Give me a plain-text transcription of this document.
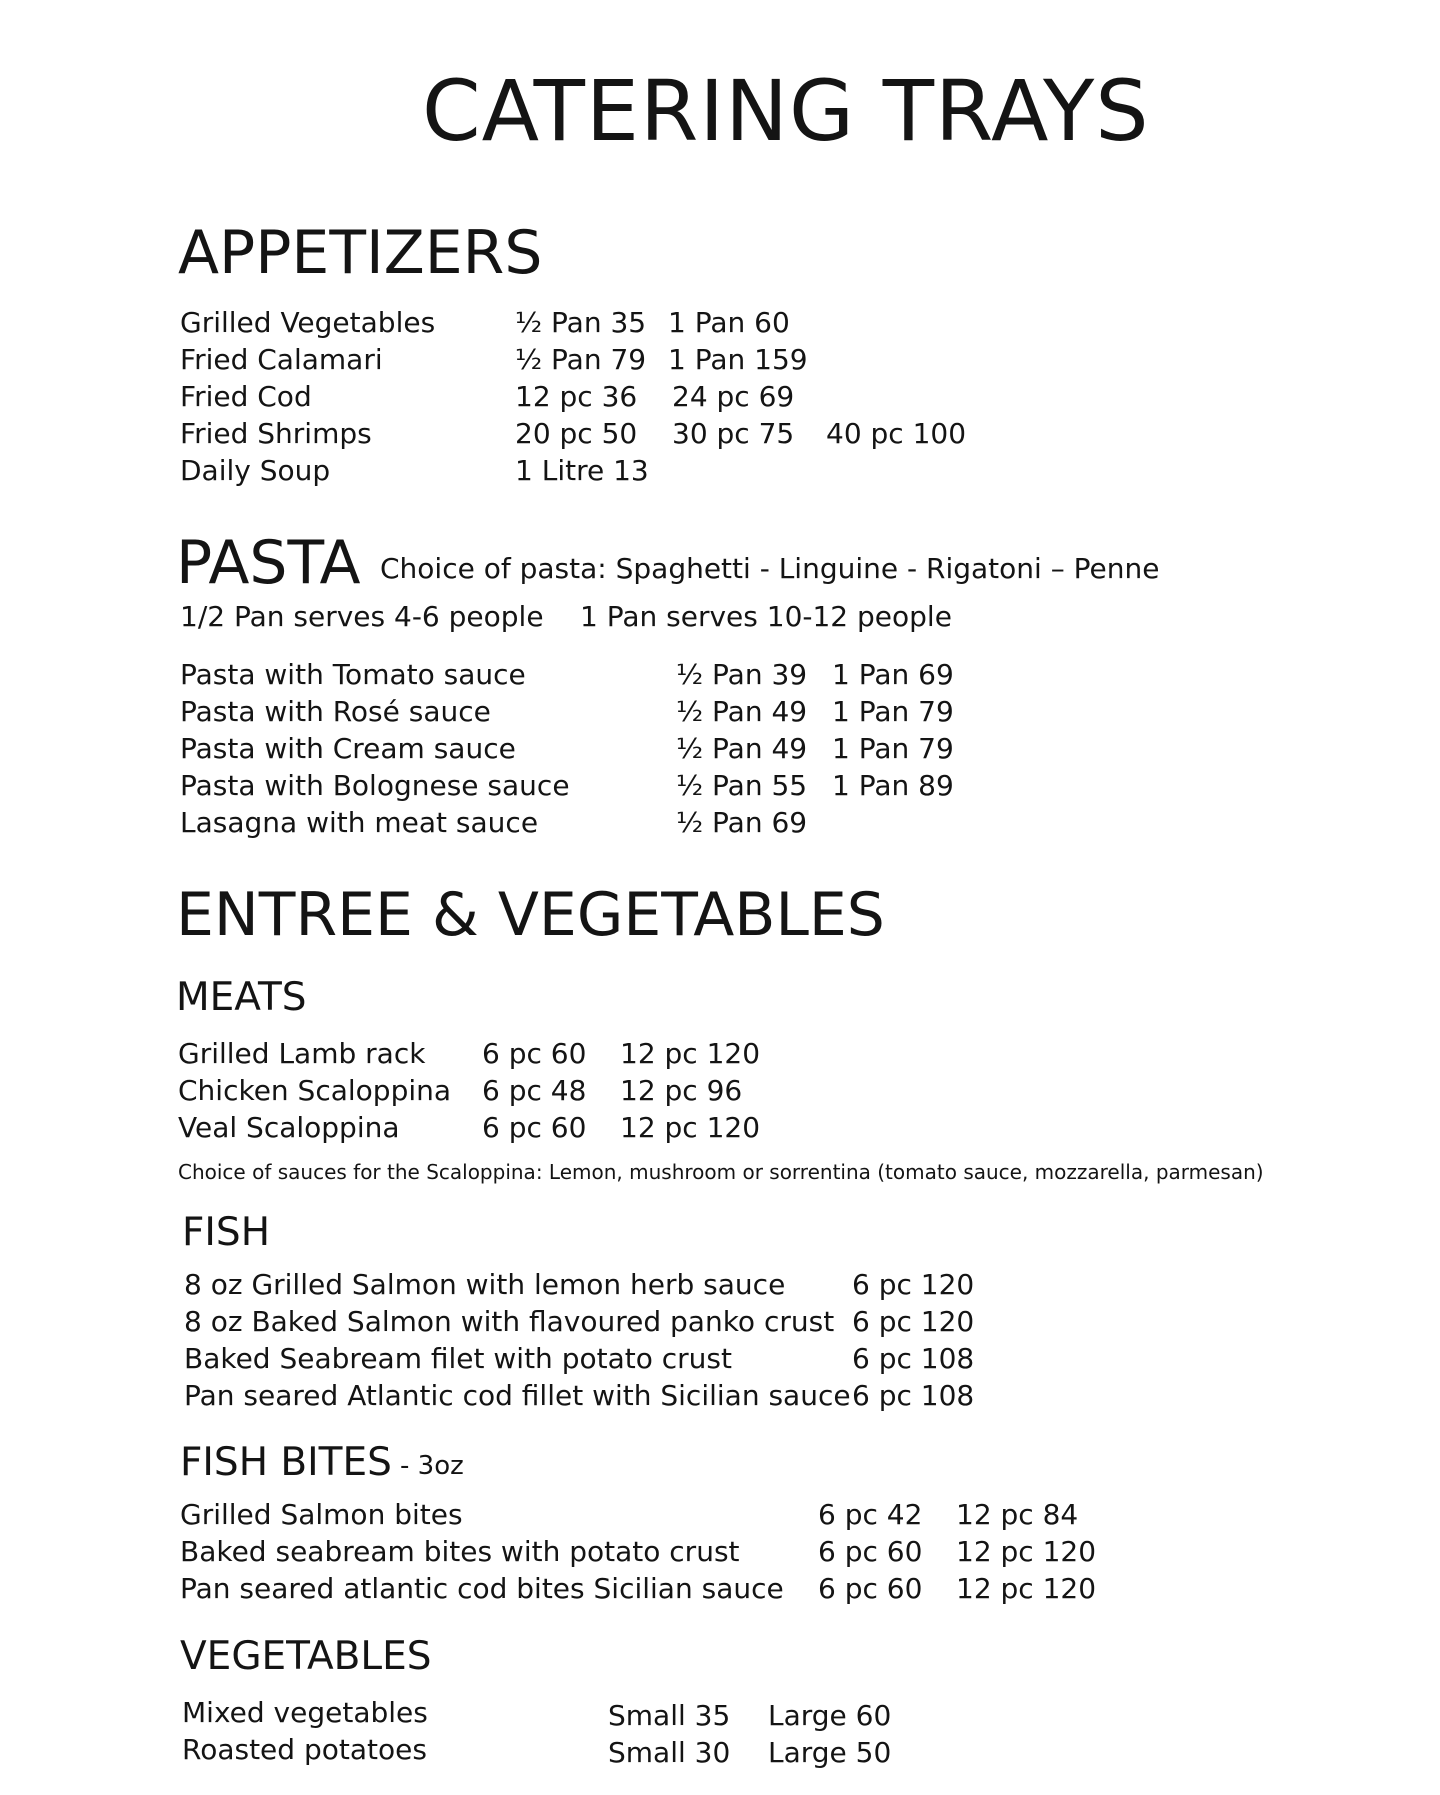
CATERING TRAYS
APPETIZERS
Grilled Vegetables	½ Pan 35 1 Pan 60
Fried Calamari	½ Pan 79 1 Pan 159
Fried Cod	12 pc 36 24 pc 69
Fried Shrimps	20 pc 50 30 pc 75 40 pc 100
Daily Soup	1 Litre 13
PASTA Choice of pasta: Spaghetti - Linguine - Rigatoni – Penne
1/2 Pan serves 4-6 people 1 Pan serves 10-12 people
Pasta with Tomato sauce	½ Pan 39 1 Pan 69
Pasta with Rosé sauce	½ Pan 49 1 Pan 79
Pasta with Cream sauce	½ Pan 49 1 Pan 79
Pasta with Bolognese sauce	½ Pan 55 1 Pan 89
Lasagna with meat sauce	½ Pan 69
ENTREE & VEGETABLES
MEATS
Grilled Lamb rack 6 pc 60 12 pc 120
Chicken Scaloppina 6 pc 48 12 pc 96
Veal Scaloppina	6 pc 60 12 pc 120
Choice of sauces for the Scaloppina: Lemon, mushroom or sorrentina (tomato sauce, mozzarella, parmesan)
FISH
8 oz Grilled Salmon with lemon herb sauce 6 pc 120
8 oz Baked Salmon with flavoured panko crust 6 pc 120
Baked Seabream filet with potato crust	6 pc 108
Pan seared Atlantic cod fillet with Sicilian sauce 6 pc 108
FISH BITES - 3oz
Grilled Salmon bites	6 pc 42 12 pc 84
Baked seabream bites with potato crust	6 pc 60 12 pc 120
Pan seared atlantic cod bites Sicilian sauce 6 pc 60 12 pc 120
VEGETABLES
Mixed vegetables	Small 35 Large 60
Roasted potatoes	Small 30 Large 50
